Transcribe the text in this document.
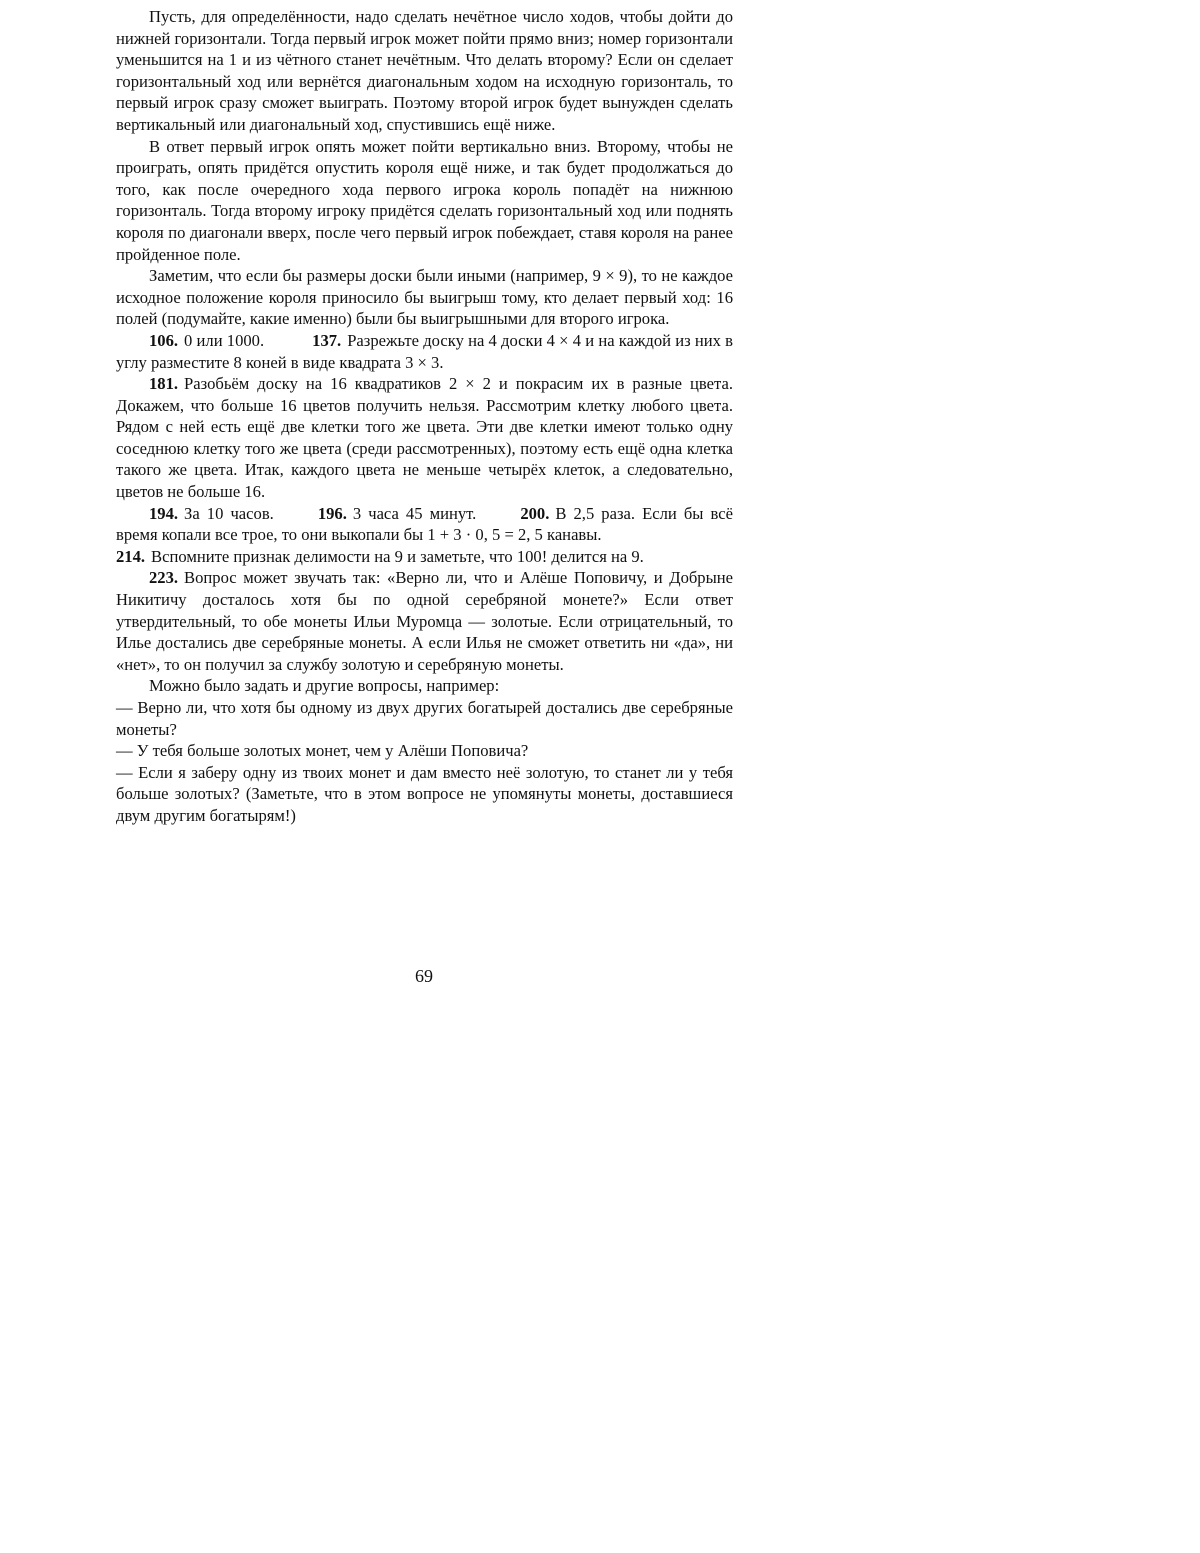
Пусть, для определённости, надо сделать нечётное число ходов, чтобы дойти до нижней горизонтали. Тогда первый игрок может пойти прямо вниз; номер горизонтали уменьшится на 1 и из чётного станет нечётным. Что делать второму? Если он сделает горизонтальный ход или вернётся диагональным ходом на исходную горизонталь, то первый игрок сразу сможет выиграть. Поэтому второй игрок будет вынужден сделать вертикальный или диагональный ход, спустившись ещё ниже.

В ответ первый игрок опять может пойти вертикально вниз. Второму, чтобы не проиграть, опять придётся опустить короля ещё ниже, и так будет продолжаться до того, как после очередного хода первого игрока король попадёт на нижнюю горизонталь. Тогда второму игроку придётся сделать горизонтальный ход или поднять короля по диагонали вверх, после чего первый игрок побеждает, ставя короля на ранее пройденное поле.

Заметим, что если бы размеры доски были иными (например, 9 × 9), то не каждое исходное положение короля приносило бы выигрыш тому, кто делает первый ход: 16 полей (подумайте, какие именно) были бы выигрышными для второго игрока.

106. 0 или 1000.	137. Разрежьте доску на 4 доски 4 × 4 и на каждой из них в углу разместите 8 коней в виде квадрата 3 × 3.

181. Разобьём доску на 16 квадратиков 2 × 2 и покрасим их в разные цвета. Докажем, что больше 16 цветов получить нельзя. Рассмотрим клетку любого цвета. Рядом с ней есть ещё две клетки того же цвета. Эти две клетки имеют только одну соседнюю клетку того же цвета (среди рассмотренных), поэтому есть ещё одна клетка такого же цвета. Итак, каждого цвета не меньше четырёх клеток, а следовательно, цветов не больше 16.

194. За 10 часов.	196. 3 часа 45 минут.	200. В 2,5 раза. Если бы всё время копали все трое, то они выкопали бы 1 + 3 · 0, 5 = 2, 5 канавы.

214. Вспомните признак делимости на 9 и заметьте, что 100! делится на 9.

223. Вопрос может звучать так: «Верно ли, что и Алёше Поповичу, и Добрыне Никитичу досталось хотя бы по одной серебряной монете?» Если ответ утвердительный, то обе монеты Ильи Муромца — золотые. Если отрицательный, то Илье достались две серебряные монеты. А если Илья не сможет ответить ни «да», ни «нет», то он получил за службу золотую и серебряную монеты.

Можно было задать и другие вопросы, например:

— Верно ли, что хотя бы одному из двух других богатырей достались две серебряные монеты?

— У тебя больше золотых монет, чем у Алёши Поповича?

— Если я заберу одну из твоих монет и дам вместо неё золотую, то станет ли у тебя больше золотых? (Заметьте, что в этом вопросе не упомянуты монеты, доставшиеся двум другим богатырям!)

69
